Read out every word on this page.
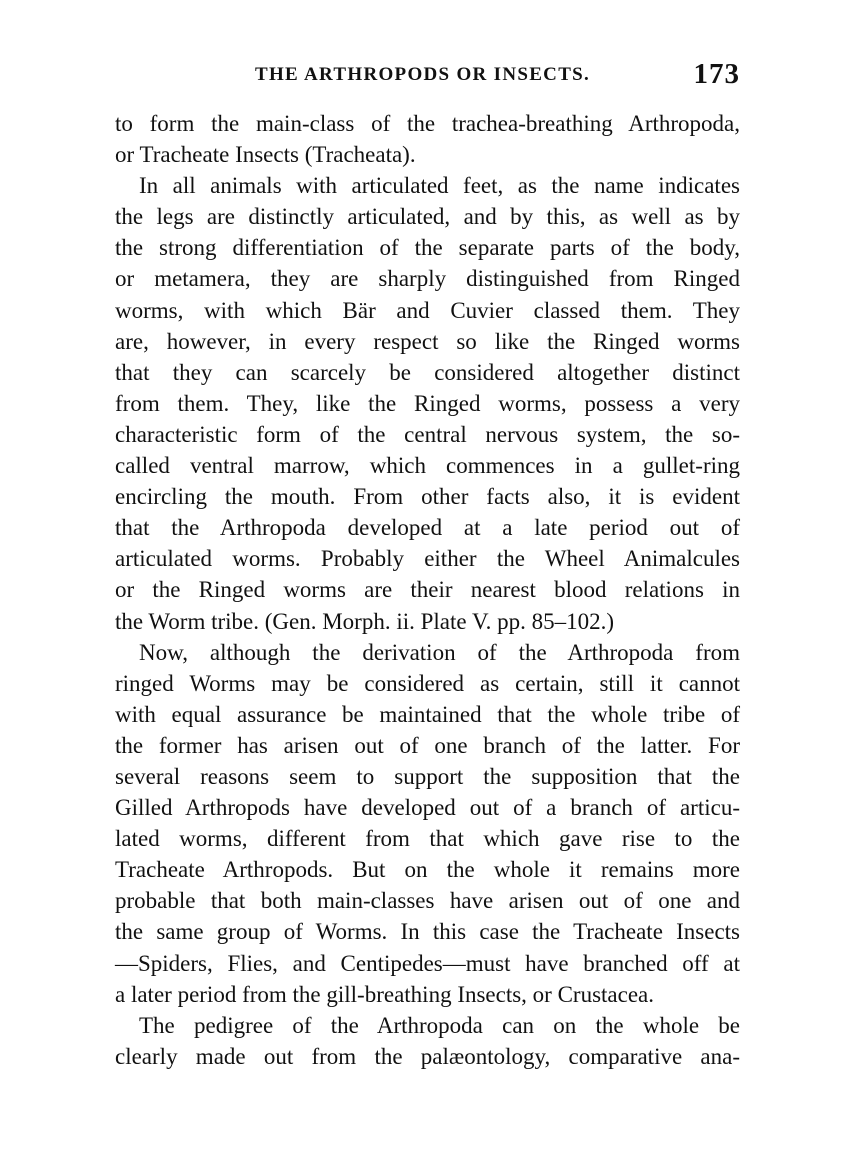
THE ARTHROPODS OR INSECTS.	173
to form the main-class of the trachea-breathing Arthropoda,
or Tracheate Insects (Tracheata).
In all animals with articulated feet, as the name indicates
the legs are distinctly articulated, and by this, as well as by
the strong differentiation of the separate parts of the body,
or metamera, they are sharply distinguished from Ringed
worms, with which Bär and Cuvier classed them. They
are, however, in every respect so like the Ringed worms
that they can scarcely be considered altogether distinct
from them. They, like the Ringed worms, possess a very
characteristic form of the central nervous system, the so-
called ventral marrow, which commences in a gullet-ring
encircling the mouth. From other facts also, it is evident
that the Arthropoda developed at a late period out of
articulated worms. Probably either the Wheel Animalcules
or the Ringed worms are their nearest blood relations in
the Worm tribe. (Gen. Morph. ii. Plate V. pp. 85–102.)
Now, although the derivation of the Arthropoda from
ringed Worms may be considered as certain, still it cannot
with equal assurance be maintained that the whole tribe of
the former has arisen out of one branch of the latter. For
several reasons seem to support the supposition that the
Gilled Arthropods have developed out of a branch of articu-
lated worms, different from that which gave rise to the
Tracheate Arthropods. But on the whole it remains more
probable that both main-classes have arisen out of one and
the same group of Worms. In this case the Tracheate Insects
—Spiders, Flies, and Centipedes—must have branched off at
a later period from the gill-breathing Insects, or Crustacea.
The pedigree of the Arthropoda can on the whole be
clearly made out from the palæontology, comparative ana-
